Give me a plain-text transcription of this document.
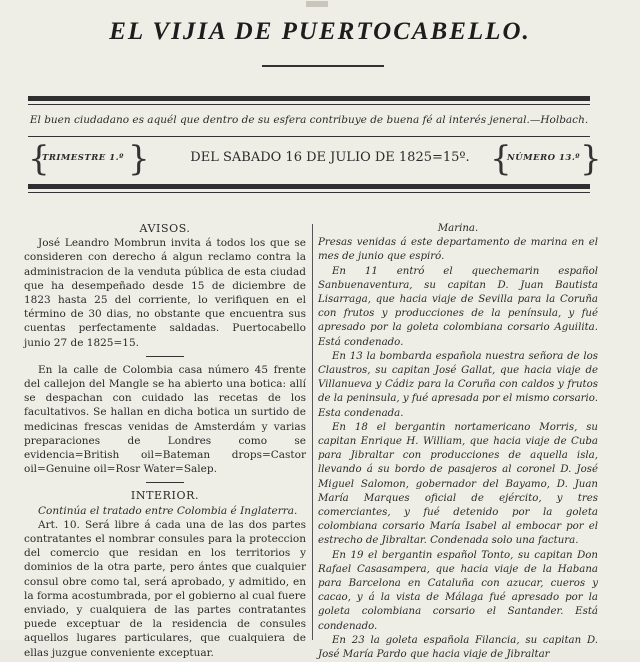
EL VIJIA DE PUERTOCABELLO.
El buen ciudadano es aquél que dentro de su esfera contribuye de buena fé al interés jeneral.—Holbach.
{
TRIMESTRE 1.º }	DEL SABADO 16 DE JULIO DE 1825=15º. {
NÚMERO 13.º }

AVISOS.

José Leandro Mombrun invita á todos los que se consideren con derecho á algun reclamo contra la administracion de la venduta pública de esta ciudad que ha desempeñado desde 15 de diciembre de 1823 hasta 25 del corriente, lo verifiquen en el término de 30 dias, no obstante que encuentra sus cuentas perfectamente saldadas. Puertocabello junio 27 de 1825=15.

En la calle de Colombia casa número 45 frente del callejon del Mangle se ha abierto una botica: allí se despachan con cuidado las recetas de los facultativos. Se hallan en dicha botica un surtido de medicinas frescas venidas de Amsterdám y varias preparaciones de Londres como se evidencia=British oil=Bateman drops=Castor oil=Genuine oil=Rosr Water=Salep.

INTERIOR.

Continúa el tratado entre Colombia é Inglaterra.

Art. 10. Será libre á cada una de las dos partes contratantes el nombrar consules para la proteccion del comercio que residan en los territorios y dominios de la otra parte, pero ántes que cualquier consul obre como tal, será aprobado, y admitido, en la forma acostumbrada, por el gobierno al cual fuere enviado, y cualquiera de las partes contratantes puede exceptuar de la residencia de consules aquellos lugares particulares, que cualquiera de ellas juzgue conveniente exceptuar.

Marina.

Presas venidas á este departamento de marina en el mes de junio que espiró.

En 11 entró el quechemarin español Sanbuenaventura, su capitan D. Juan Bautista Lisarraga, que hacia viaje de Sevilla para la Coruña con frutos y producciones de la península, y fué apresado por la goleta colombiana corsario Aguilita. Está condenado.

En 13 la bombarda española nuestra señora de los Claustros, su capitan José Gallat, que hacia viaje de Villanueva y Cádiz para la Coruña con caldos y frutos de la peninsula, y fué apresada por el mismo corsario. Esta condenada.

En 18 el bergantin nortamericano Morris, su capitan Enrique H. William, que hacia viaje de Cuba para Jibraltar con producciones de aquella isla, llevando á su bordo de pasajeros al coronel D. José Miguel Salomon, gobernador del Bayamo, D. Juan María Marques oficial de ejército, y tres comerciantes, y fué detenido por la goleta colombiana corsario María Isabel al embocar por el estrecho de Jibraltar. Condenada solo una factura.

En 19 el bergantin español Tonto, su capitan Don Rafael Casasampera, que hacia viaje de la Habana para Barcelona en Cataluña con azucar, cueros y cacao, y á la vista de Málaga fué apresado por la goleta colombiana corsario el Santander. Está condenado.

En 23 la goleta española Filancia, su capitan D. José María Pardo que hacia viaje de Jibraltar
